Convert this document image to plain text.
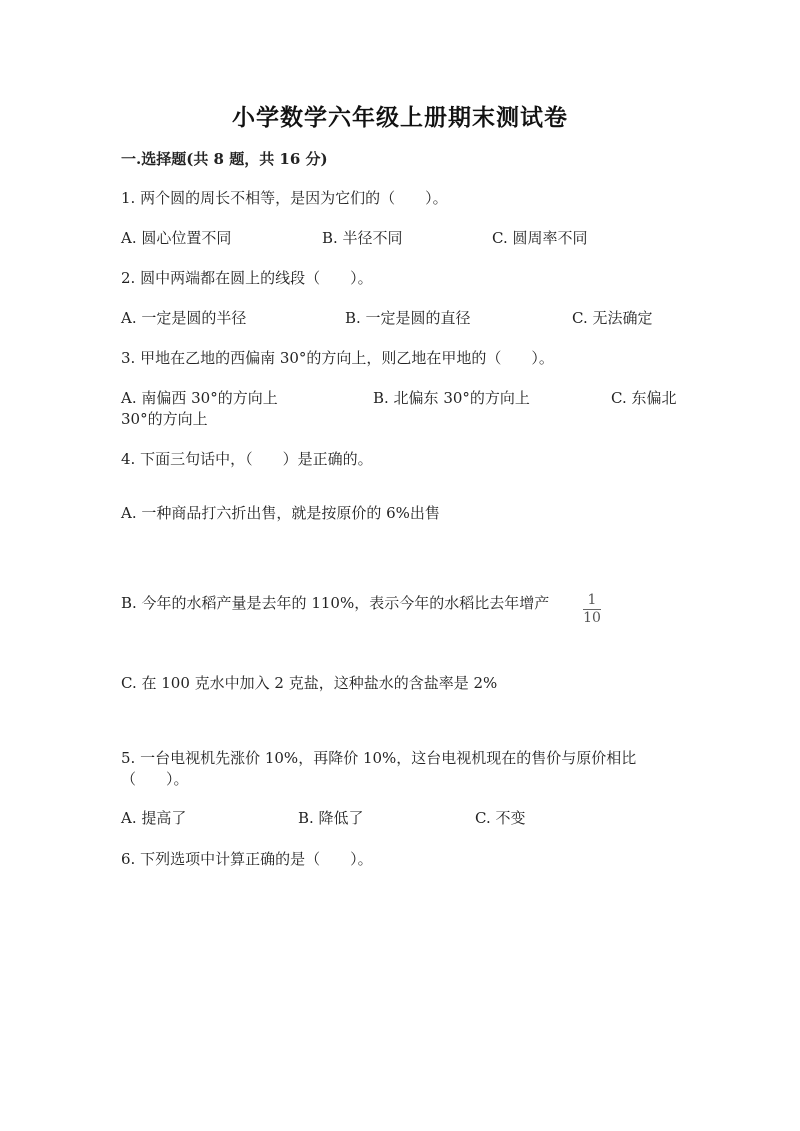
小学数学六年级上册期末测试卷
一.选择题(共 8 题，共 16 分)
1. 两个圆的周长不相等，是因为它们的（　　）。
A. 圆心位置不同	B. 半径不同	C. 圆周率不同
2. 圆中两端都在圆上的线段（　　）。
A. 一定是圆的半径	B. 一定是圆的直径	C. 无法确定
3. 甲地在乙地的西偏南 30°的方向上，则乙地在甲地的（　　）。
A. 南偏西 30°的方向上	B. 北偏东 30°的方向上	C. 东偏北
30°的方向上
4. 下面三句话中，（　　）是正确的。
A. 一种商品打六折出售，就是按原价的 6%出售
B. 今年的水稻产量是去年的 110%，表示今年的水稻比去年增产	1
10
C. 在 100 克水中加入 2 克盐，这种盐水的含盐率是 2%
5. 一台电视机先涨价 10%，再降价 10%，这台电视机现在的售价与原价相比
（　　）。
A. 提高了	B. 降低了	C. 不变
6. 下列选项中计算正确的是（　　）。
